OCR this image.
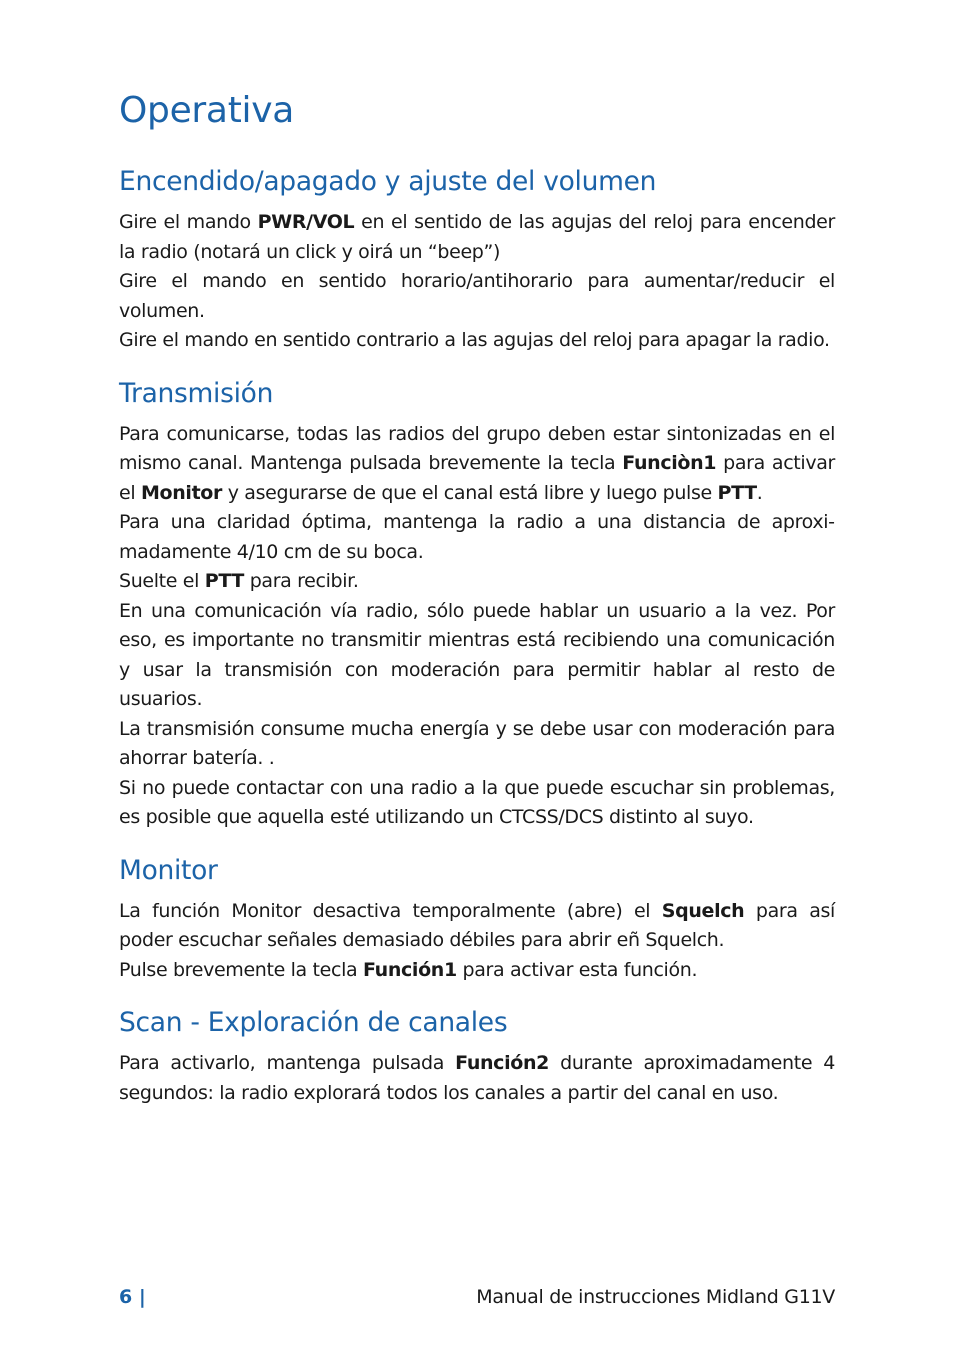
Operativa
Encendido/apagado y ajuste del volumen
Gire el mando PWR/VOL en el sentido de las agujas del reloj para encender la radio (notará un click y oirá un “beep”)
Gire el mando en sentido horario/antihorario para aumentar/reducir el volumen.
Gire el mando en sentido contrario a las agujas del reloj para apagar la radio.
Transmisión
Para comunicarse, todas las radios del grupo deben estar sintonizadas en el mismo canal. Mantenga pulsada brevemente la tecla Funciòn1 para activar el Monitor y asegurarse de que el canal está libre y luego pulse PTT.
Para una claridad óptima, mantenga la radio a una distancia de aproximadamente 4/10 cm de su boca.
Suelte el PTT para recibir.
En una comunicación vía radio, sólo puede hablar un usuario a la vez. Por eso, es importante no transmitir mientras está recibiendo una comunicación y usar la transmisión con moderación para permitir hablar al resto de usuarios.
La transmisión consume mucha energía y se debe usar con moderación para ahorrar batería. .
Si no puede contactar con una radio a la que puede escuchar sin problemas, es posible que aquella esté utilizando un CTCSS/DCS distinto al suyo.
Monitor
La función Monitor desactiva temporalmente (abre) el Squelch para así poder escuchar señales demasiado débiles para abrir eñ Squelch.
Pulse brevemente la tecla Función1 para activar esta función.
Scan - Exploración de canales
Para activarlo, mantenga pulsada Función2 durante aproximadamente 4 segundos: la radio explorará todos los canales a partir del canal en uso.
6 |	Manual de instrucciones Midland G11V
